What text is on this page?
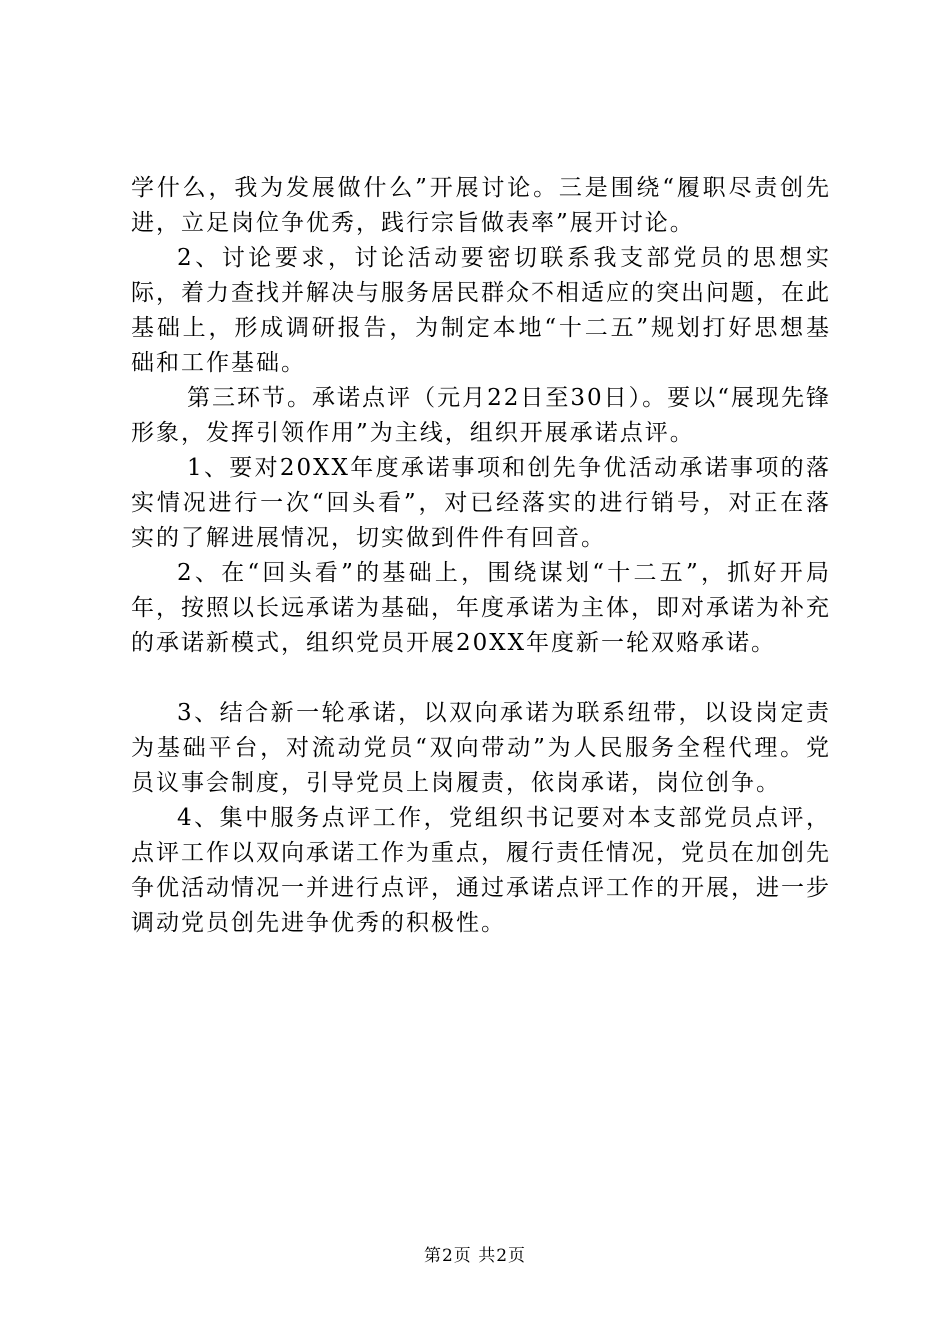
学什么，我为发展做什么”开展讨论。三是围绕“履职尽责创先进，立足岗位争优秀，践行宗旨做表率”展开讨论。

2、讨论要求，讨论活动要密切联系我支部党员的思想实际，着力查找并解决与服务居民群众不相适应的突出问题，在此基础上，形成调研报告，为制定本地“十二五”规划打好思想基础和工作基础。

第三环节。承诺点评（元月22日至30日）。要以“展现先锋形象，发挥引领作用”为主线，组织开展承诺点评。

1、要对20XX年度承诺事项和创先争优活动承诺事项的落实情况进行一次“回头看”，对已经落实的进行销号，对正在落实的了解进展情况，切实做到件件有回音。

2、在“回头看”的基础上，围绕谋划“十二五”，抓好开局年，按照以长远承诺为基础，年度承诺为主体，即对承诺为补充的承诺新模式，组织党员开展20XX年度新一轮双赂承诺。

3、结合新一轮承诺，以双向承诺为联系纽带，以设岗定责为基础平台，对流动党员“双向带动”为人民服务全程代理。党员议事会制度，引导党员上岗履责，依岗承诺，岗位创争。

4、集中服务点评工作，党组织书记要对本支部党员点评，点评工作以双向承诺工作为重点，履行责任情况，党员在加创先争优活动情况一并进行点评，通过承诺点评工作的开展，进一步调动党员创先进争优秀的积极性。

第2页 共2页
